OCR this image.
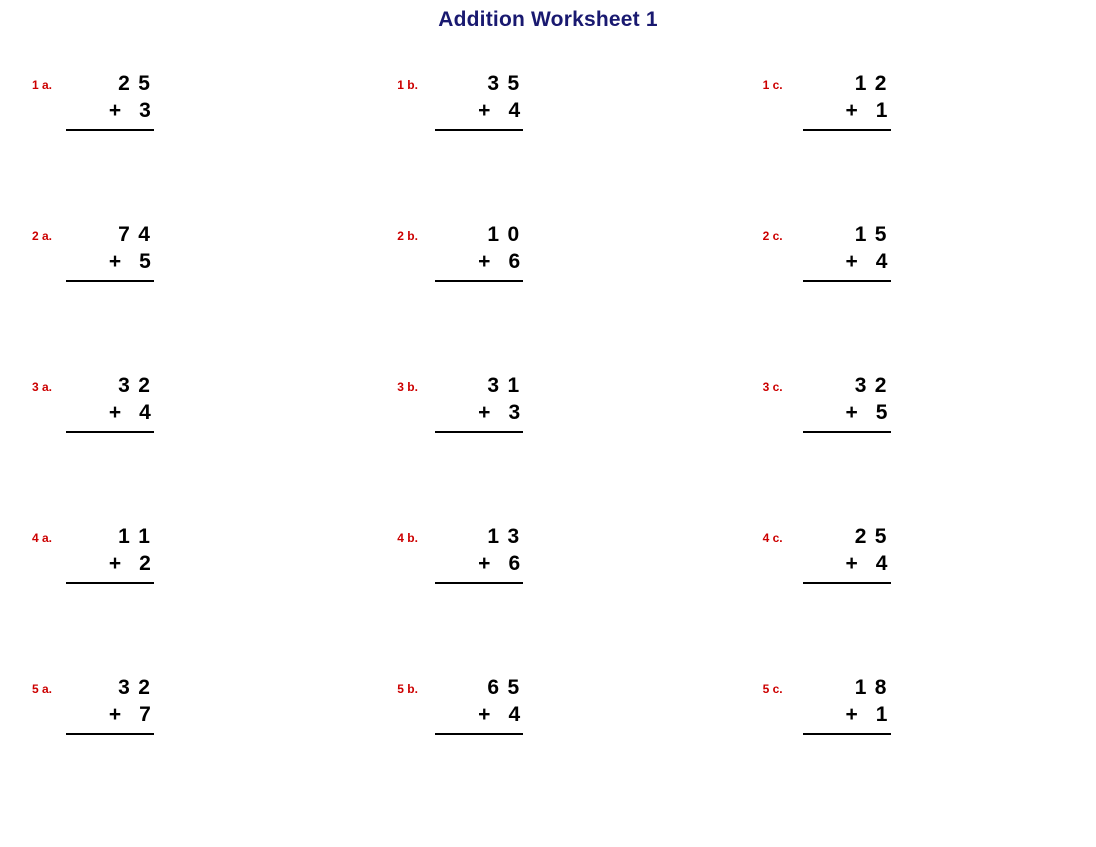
Addition Worksheet 1
1 a.	2  5
+ 3
1 b.	3  5
+ 4
1 c.	1  2
+ 1
2 a.	7  4
+ 5
2 b.	1  0
+ 6
2 c.	1  5
+ 4
3 a.	3  2
+ 4
3 b.	3  1
+ 3
3 c.	3  2
+ 5
4 a.	1  1
+ 2
4 b.	1  3
+ 6
4 c.	2  5
+ 4
5 a.	3  2
+ 7
5 b.	6  5
+ 4
5 c.	1  8
+ 1
